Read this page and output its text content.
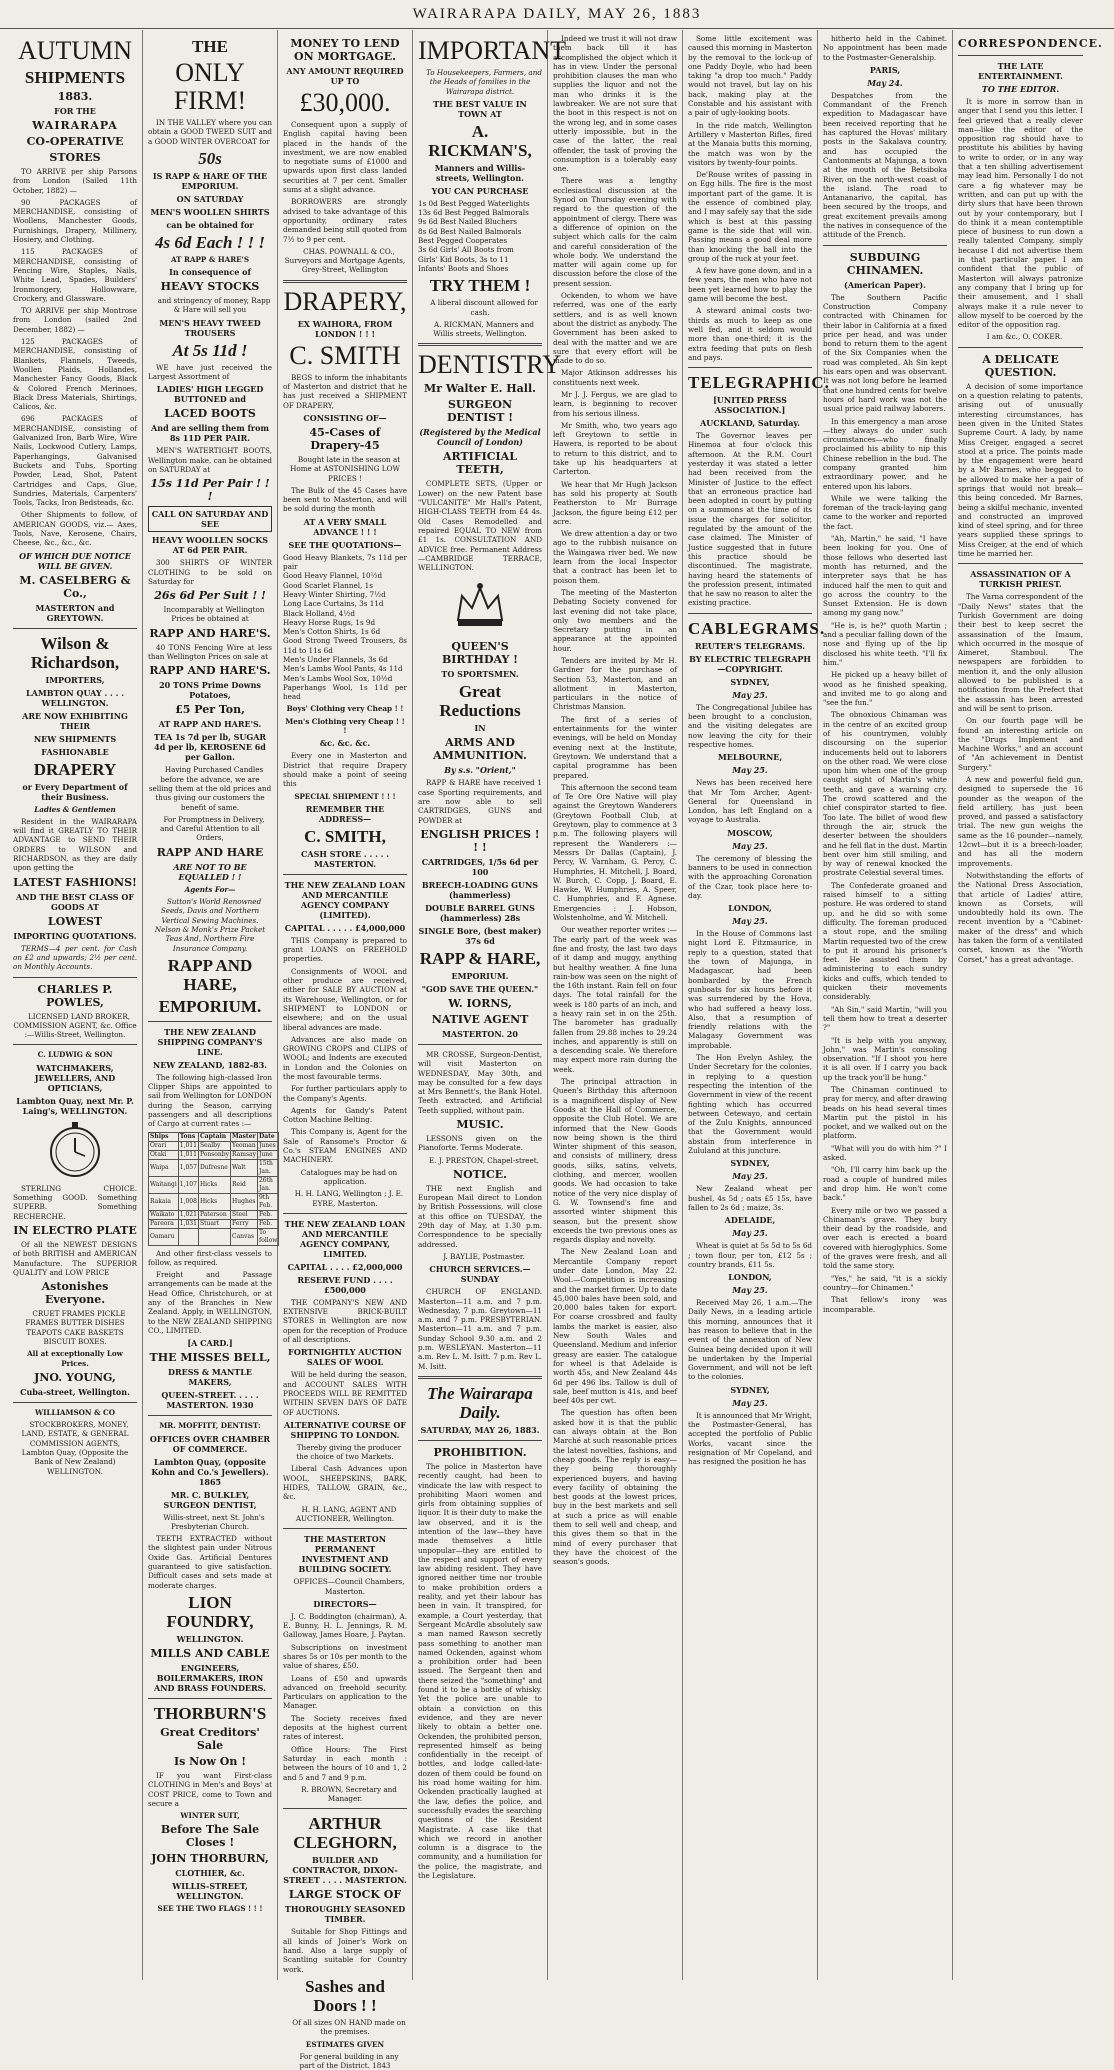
WAIRARAPA DAILY, MAY 26, 1883
AUTUMN
SHIPMENTS
1883.
FOR THE
WAIRARAPA
CO-OPERATIVE
STORES

TO ARRIVE per ship Parsons from London (Sailed 11th October, 1882) —

90 PACKAGES of MERCHANDISE, consisting of Woollens, Manchester Goods, Furnishings, Drapery, Millinery, Hosiery, and Clothing.

115 PACKAGES of MERCHANDISE, consisting of Fencing Wire, Staples, Nails, White Lead, Spades, Builders' Ironmongery, Hollowware, Crockery, and Glassware.

TO ARRIVE per ship Montrose from London (sailed 2nd December, 1882) —

125 PACKAGES of MERCHANDISE, consisting of Blankets, Flannels, Tweeds, Woollen Plaids, Hollandes, Manchester Fancy Goods, Black & Colored French Merinoes, Black Dress Materials, Shirtings, Calicos, &c.

696 PACKAGES of MERCHANDISE, consisting of Galvanized Iron, Barb Wire, Wire Nails, Lockwood Cutlery, Lamps, Paperhangings, Galvanised Buckets and Tubs, Sporting Powder, Lead, Shot, Patent Cartridges and Caps, Glue, Sundries, Materials, Carpenters' Tools, Tacks, Iron Bedsteads, &c.

Other Shipments to follow, of AMERICAN GOODS, viz.— Axes, Tools, Nave, Kerosene, Chairs, Cheese, &c., &c., &c.

OF WHICH DUE NOTICE WILL BE GIVEN.
M. CASELBERG & Co.,
MASTERTON and GREYTOWN.
Wilson & Richardson,
IMPORTERS,
LAMBTON QUAY . . . . WELLINGTON.
ARE NOW EXHIBITING THEIR
NEW SHIPMENTS
FASHIONABLE
DRAPERY
or Every Department of their Business.
Ladies & Gentlemen

Resident in the WAIRARAPA will find it GREATLY TO THEIR ADVANTAGE to SEND THEIR ORDERS to WILSON and RICHARDSON, as they are daily upon getting the

LATEST FASHIONS!
AND THE BEST CLASS OF GOODS AT
LOWEST
IMPORTING QUOTATIONS.

TERMS—4 per cent. for Cash on £2 and upwards; 2½ per cent. on Monthly Accounts.

CHARLES P. POWLES,

LICENSED LAND BROKER, COMMISSION AGENT, &c. Office :—Willis-Street, Wellington.

C. LUDWIG & SON
WATCHMAKERS, JEWELLERS, AND OPTICIANS,
Lambton Quay, next Mr. P. Laing's, WELLINGTON.

STERLING CHOICE. Something GOOD. Something SUPERB. Something RECHERCHE.

IN ELECTRO PLATE

Of all the NEWEST DESIGNS of both BRITISH and AMERICAN Manufacture. The SUPERIOR QUALITY and LOW PRICE

Astonishes Everyone.

CRUET FRAMES PICKLE FRAMES BUTTER DISHES TEAPOTS CAKE BASKETS BISCUIT BOXES.

All at exceptionally Low Prices.
JNO. YOUNG,
Cuba-street, Wellington.
WILLIAMSON & CO

STOCKBROKERS, MONEY, LAND, ESTATE, & GENERAL COMMISSION AGENTS, Lambton Quay, (Opposite the Bank of New Zealand) WELLINGTON.

THE
ONLY FIRM!

IN THE VALLEY where you can obtain a GOOD TWEED SUIT and a GOOD WINTER OVERCOAT for

50s
IS RAPP & HARE OF THE EMPORIUM.
ON SATURDAY
MEN'S WOOLLEN SHIRTS
can be obtained for
4s 6d Each ! ! !
AT RAPP & HARE'S
In consequence of
HEAVY STOCKS

and stringency of money, Rapp & Hare will sell you

MEN'S HEAVY TWEED TROUSERS
At 5s 11d !

WE have just received the Largest Assortment of

LADIES' HIGH LEGGED BUTTONED and
LACED BOOTS
And are selling them from 8s 11D PER PAIR.

MEN'S WATERTIGHT BOOTS, Wellington make, can be obtained on SATURDAY at

15s 11d Per Pair ! ! !
CALL ON SATURDAY AND SEE
HEAVY WOOLLEN SOCKS AT 6d PER PAIR.

300 SHIRTS OF WINTER CLOTHING to be sold on Saturday for

26s 6d Per Suit ! !

Incomparably at Wellington Prices be obtained at

RAPP AND HARE'S.

40 TONS Fencing Wire at less than Wellington Prices on sale at

RAPP AND HARE'S.
20 TONS Prime Downs Potatoes,
£5 Per Ton,
AT RAPP AND HARE'S.
TEA 1s 7d per lb, SUGAR 4d per lb, KEROSENE 6d per Gallon.

Having Purchased Candles before the advance, we are selling them at the old prices and thus giving our customers the benefit of same.

For Promptness in Delivery, and Careful Attention to all Orders,

RAPP AND HARE
ARE NOT TO BE EQUALLED ! !
Agents For—

Sutton's World Renowned Seeds, Davis and Northern Vertical Sewing Machines. Nelson & Monk's Prize Packet Teas And, Northern Fire Insurance Company.

RAPP AND HARE,
EMPORIUM.
THE NEW ZEALAND SHIPPING COMPANY'S LINE.
NEW ZEALAND, 1882-83.

The following high-classed Iron Clipper Ships are appointed to sail from Wellington for LONDON during the Season, carrying passengers and all descriptions of Cargo at current rates :—

Ships	Tons	Captain	Master	Date
Orari	1,011	Sealby	Yeoman	Junes
Otaki	1,011	Ponsonby	Ramsay	June
Waipa	1,057	Dufresne	Walt	15th Jan.
Waitangi	1,107	Hicks	Reid	26th Jan.
Rakaia	1,008	Hicks	Hughes	9th Feb.
Waikato	1,021	Paterson	Steel	Feb.
Pareora	1,031	Stuart	Ferry	Feb.
Oamaru			Canvas	To follow

And other first-class vessels to follow, as required.

Freight and Passage arrangements can be made at the Head Office, Christchurch, or at any of the Branches in New Zealand. Apply, in WELLINGTON, to the NEW ZEALAND SHIPPING CO., LIMITED.

[A CARD.]
THE MISSES BELL,
DRESS & MANTLE MAKERS,
QUEEN-STREET. . . . . MASTERTON. 1930
MR. MOFFITT, DENTIST:
OFFICES OVER CHAMBER OF COMMERCE.
Lambton Quay, (opposite Kohn and Co.'s Jewellers). 1865
MR. C. BULKLEY, SURGEON DENTIST,

Willis-street, next St. John's Presbyterian Church.

TEETH EXTRACTED without the slightest pain under Nitrous Oxide Gas. Artificial Dentures guaranteed to give satisfaction. Difficult cases and sets made at moderate charges.

LION FOUNDRY,
WELLINGTON.
MILLS AND CABLE
ENGINEERS, BOILERMAKERS, IRON AND BRASS FOUNDERS.
THORBURN'S
Great Creditors' Sale
Is Now On !

IF you want First-class CLOTHING in Men's and Boys' at COST PRICE, come to Town and secure a

WINTER SUIT,
Before The Sale Closes !
JOHN THORBURN,
CLOTHIER, &c.
WILLIS-STREET, WELLINGTON.
SEE THE TWO FLAGS ! ! !
MONEY TO LEND ON MORTGAGE.
ANY AMOUNT REQUIRED UP TO
£30,000.

Consequent upon a supply of English capital having been placed in the hands of the investment, we are now enabled to negotiate sums of £1000 and upwards upon first class landed securities at 7 per cent. Smaller sums at a slight advance.

BORROWERS are strongly advised to take advantage of this opportunity, ordinary rates demanded being still quoted from 7½ to 9 per cent.

CHAS. POWNALL & CO., Surveyors and Mortgage Agents, Grey-Street, Wellington

DRAPERY,
EX WAIHORA, FROM LONDON ! ! !
C. SMITH

BEGS to inform the inhabitants of Masterton and district that he has just received a SHIPMENT OF DRAPERY,

CONSISTING OF—
45-Cases of Drapery-45

Bought late in the season at Home at ASTONISHING LOW PRICES !

The Bulk of the 45 Cases have been sent to Masterton, and will be sold during the month

AT A VERY SMALL ADVANCE ! ! !
SEE THE QUOTATIONS—
Good Heavy Blankets, 7s 11d per pair
Good Heavy Flannel, 10½d
Good Scarlet Flannel, 1s
Heavy Winter Shirting, 7½d
Long Lace Curtains, 3s 11d
Black Holland, 4½d
Heavy Horse Rugs, 1s 9d
Men's Cotton Shirts, 1s 6d
Good Strong Tweed Trousers, 8s 11d to 11s 6d
Men's Under Flannels, 3s 6d
Men's Lambs Wool Pants, 4s 11d
Men's Lambs Wool Sox, 10½d
Paperhangs Wool, 1s 11d per head
Boys' Clothing very Cheap ! !
Men's Clothing very Cheap ! ! !
&c. &c. &c.

Every one in Masterton and District that require Drapery should make a point of seeing this

SPECIAL SHIPMENT ! ! !
REMEMBER THE ADDRESS—
C. SMITH,
CASH STORE . . . . . MASTERTON.
THE NEW ZEALAND LOAN AND MERCANTILE AGENCY COMPANY (LIMITED).
CAPITAL . . . . . £4,000,000

THIS Company is prepared to grant LOANS on FREEHOLD properties.

Consignments of WOOL and other produce are received, either for SALE BY AUCTION at its Warehouse, Wellington, or for SHIPMENT to LONDON or elsewhere; and on the usual liberal advances are made.

Advances are also made on GROWING CROPS and CLIPS of WOOL; and Indents are executed in London and the Colonies on the most favourable terms.

For further particulars apply to the Company's Agents.

Agents for Gandy's Patent Cotton Machine Belting.

This Company is, Agent for the Sale of Ransome's Proctor & Co.'s STEAM ENGINES AND MACHINERY.

Catalogues may be had on application.

H. H. LANG, Wellington ; J. E. EYRE, Masterton.

THE NEW ZEALAND LOAN AND MERCANTILE AGENCY COMPANY, LIMITED.
CAPITAL . . . . £2,000,000
RESERVE FUND . . . . £500,000

THE COMPANY'S NEW AND EXTENSIVE BRICK-BUILT STORES in Wellington are now open for the reception of Produce of all descriptions.

FORTNIGHTLY AUCTION SALES OF WOOL

Will be held during the season, and ACCOUNT SALES WITH PROCEEDS WILL BE REMITTED WITHIN SEVEN DAYS OF DATE OF AUCTIONS.

ALTERNATIVE COURSE OF SHIPPING TO LONDON.

Thereby giving the producer the choice of two Markets.

Liberal Cash Advances upon WOOL, SHEEPSKINS, BARK, HIDES, TALLOW, GRAIN, &c., &c.

H. H. LANG, AGENT AND AUCTIONEER, Wellington.

THE MASTERTON PERMANENT INVESTMENT AND BUILDING SOCIETY.

OFFICES—Council Chambers, Masterton.

DIRECTORS—

J. C. Boddington (chairman), A. E. Bunny, H. L. Jennings, R. M. Galloway, James Hoare, J. Paytan.

Subscriptions on investment shares 5s or 10s per month to the value of shares, £50.

Loans of £50 and upwards advanced on freehold security. Particulars on application to the Manager.

The Society receives fixed deposits at the highest current rates of interest.

Office Hours: The First Saturday in each month : between the hours of 10 and 1, 2 and 5 and 7 and 9 p.m.

R. BROWN, Secretary and Manager.

ARTHUR CLEGHORN,
BUILDER AND CONTRACTOR, DIXON-STREET . . . . MASTERTON.
LARGE STOCK OF
THOROUGHLY SEASONED TIMBER.

Suitable for Shop Fittings and all kinds of Joiner's Work on hand. Also a large supply of Scantling suitable for Country work.

Sashes and Doors ! !

Of all sizes ON HAND made on the premises.

ESTIMATES GIVEN

For general building in any part of the District. 1843

IMPORTANT

To Housekeepers, Farmers, and the Heads of families in the Wairarapa district.

THE BEST VALUE IN TOWN AT
A. RICKMAN'S,
Manners and Willis-streets, Wellington.
YOU CAN PURCHASE
1s 0d Best Pegged Waterlights
13s 6d Best Pegged Balmorals
9s 6d Best Nailed Bluchers
8s 6d Best Nailed Balmorals
Best Pegged Cooperates
3s 6d Girls' All Boots from
Girls' Kid Boots, 3s to 11
Infants' Boots and Shoes
TRY THEM !

A liberal discount allowed for cash.

A. RICKMAN, Manners and Willis streets, Wellington.

DENTISTRY
Mr Walter E. Hall.
SURGEON DENTIST !
(Registered by the Medical Council of London)
ARTIFICIAL TEETH,

COMPLETE SETS, (Upper or Lower) on the new Patent base "VULCANITE" Mr Hall's Patent, HIGH-CLASS TEETH from £4 4s. Old Cases Remodelled and repaired EQUAL TO NEW from £1 1s. CONSULTATION AND ADVICE free. Permanent Address—CAMBRIDGE TERRACE, WELLINGTON.

QUEEN'S BIRTHDAY !
TO SPORTSMEN.
Great Reductions
IN
ARMS AND AMMUNITION.
By s.s. "Orient,"

RAPP & HARE have received 1 case Sporting requirements, and are now able to sell CARTRIDGES, GUNS and POWDER at

ENGLISH PRICES ! ! !
CARTRIDGES, 1/5s 6d per 100
BREECH-LOADING GUNS (hammerless)
DOUBLE BARREL GUNS (hammerless) 28s
SINGLE Bore, (best maker) 37s 6d
RAPP & HARE,
EMPORIUM.
"GOD SAVE THE QUEEN."
W. IORNS,
NATIVE AGENT
MASTERTON. 20

MR CROSSE, Surgeon-Dentist, will visit Masterton on WEDNESDAY, May 30th, and may be consulted for a few days at Mrs Bennett's, the Bank Hotel. Teeth extracted, and Artificial Teeth supplied, without pain.

MUSIC.

LESSONS given on the Pianoforte. Terms Moderate.

E. J. PRESTON, Chapel-street.

NOTICE.

THE next English and European Mail direct to London by British Possessions, will close at this office on TUESDAY, the 29th day of May, at 1.30 p.m. Correspondence to be specially addressed.

J. BAYLIE, Postmaster.

CHURCH SERVICES.—SUNDAY

CHURCH OF ENGLAND. Masterton—11 a.m. and 7 p.m. Wednesday, 7 p.m. Greytown—11 a.m. and 7 p.m. PRESBYTERIAN. Masterton—11 a.m. and 7 p.m. Sunday School 9.30 a.m. and 2 p.m. WESLEYAN. Masterton—11 a.m. Rev L. M. Isitt. 7 p.m. Rev L. M. Isitt.

The Wairarapa Daily.
SATURDAY, MAY 26, 1883.
PROHIBITION.

The police in Masterton have recently caught, had been to vindicate the law with respect to prohibiting Maori women and girls from obtaining supplies of liquor. It is their duty to make the law observed, and it is the intention of the law—they have made themselves a little unpopular—they are entitled to the respect and support of every law abiding resident. They have ignored neither time nor trouble to make prohibition orders a reality, and yet their labour has been in vain. It transpired, for example, a Court yesterday, that Sergeant McArdle absolutely saw a man named Rawson secretly pass something to another man named Ockenden, against whom a prohibition order had been issued. The Sergeant then and there seized the "something" and found it to be a bottle of whisky. Yet the police are unable to obtain a conviction on this evidence, and they are never likely to obtain a better one. Ockenden, the prohibited person, represented himself as being confidentially in the receipt of bottles, and lodge called-late-dozen of them could be found on his road home waiting for him. Ockenden practically laughed at the law, defies the police, and successfully evades the searching questions of the Resident Magistrate. A case like that which we record in another column is a disgrace to the community, and a humiliation for the police, the magistrate, and the Legislature.

Indeed we trust it will not draw them back till it has accomplished the object which it has in view. Under the personal prohibition clauses the man who supplies the liquor and not the man who drinks it is the lawbreaker. We are not sure that the boot in this respect is not on the wrong leg, and in some cases utterly impossible, but in the case of the latter, the real offender, the task of proving the consumption is a tolerably easy one.

There was a lengthy ecclesiastical discussion at the Synod on Thursday evening with regard to the question of the appointment of clergy. There was a difference of opinion on the subject which calls for the calm and careful consideration of the whole body. We understand the matter will again come up for discussion before the close of the present session.

Ockenden, to whom we have referred, was one of the early settlers, and is as well known about the district as anybody. The Government has been asked to deal with the matter and we are sure that every effort will be made to do so.

Major Atkinson addresses his constituents next week.

Mr J. J. Fergus, we are glad to learn, is beginning to recover from his serious illness.

Mr Smith, who, two years ago left Greytown to settle in Hawera, is reported to be about to return to this district, and to take up his headquarters at Carterton.

We hear that Mr Hugh Jackson has sold his property at South Featherston to Mr Burrage Jackson, the figure being £12 per acre.

We drew attention a day or two ago to the rubbish nuisance on the Waingawa river bed. We now learn from the local Inspector that a contract has been let to poison them.

The meeting of the Masterton Debating Society convened for last evening did not take place, only two members and the Secretary putting in an appearance at the appointed hour.

Tenders are invited by Mr H. Gardner for the purchase of Section 53, Masterton, and an allotment in Masterton, particulars in the notice of Christmas Mansion.

The first of a series of entertainments for the winter evenings, will be held on Monday evening next at the Institute, Greytown. We understand that a capital programme has been prepared.

This afternoon the second team of Te Ore Ore Native will play against the Greytown Wanderers (Greytown Football Club, at Greytown, play to commence at 3 p.m. The following players will represent the Wanderers :—Messrs Dr Dallas (Captain), J. Percy, W. Varnham, G. Percy, C. Humphries, H. Mitchell, J. Board, W. Burch, C. Copp, J. Board, E. Hawke, W. Humphries, A. Speer, C. Humphries, and F. Agnese. Emergencies : J. Hobson, Wolstenholme, and W. Mitchell.

Our weather reporter writes :—The early part of the week was fine and frosty, the last two days of it damp and muggy, anything but healthy weather. A fine luna rain-bow was seen on the night of the 16th instant. Rain fell on four days. The total rainfall for the week is 180 parts of an inch, and a heavy rain set in on the 25th. The barometer has gradually fallen from 29.88 inches to 29.24 inches, and apparently is still on a descending scale. We therefore may expect more rain during the week.

The principal attraction in Queen's Birthday this afternoon is a magnificent display of New Goods at the Hall of Commerce, opposite the Club Hotel. We are informed that the New Goods now being shown is the third Winter shipment of this season, and consists of millinery, dress goods, silks, satins, velvets, clothing, and mercer, woollen goods. We had occasion to take notice of the very nice display of G. W. Townsend's fine and assorted winter shipment this season, but the present show exceeds the two previous ones as regards display and novelty.

The New Zealand Loan and Mercantile Company report under date London, May 22. Wool.—Competition is increasing and the market firmer. Up to date 45,000 bales have been sold, and 20,000 bales taken for export. For coarse crossbred and faulty lambs the market is easier, also New South Wales and Queensland. Medium and inferior greasy are easier. The catalogue for wheel is that Adelaide is worth 45s, and New Zealand 44s 6d per 496 lbs. Tallow is dull of sale, beef mutton is 41s, and beef beef 40s per cwt.

The question has often been asked how it is that the public can always obtain at the Bon Marché at such reasonable prices the latest novelties, fashions, and cheap goods. The reply is easy—they being thoroughly experienced buyers, and having every facility of obtaining the best goods at the lowest prices, buy in the best markets and sell at such a price as will enable them to sell well and cheap, and this gives them so that in the mind of every purchaser that they have the choicest of the season's goods.

Some little excitement was caused this morning in Masterton by the removal to the lock-up of one Paddy Doyle, who had been taking "a drop too much." Paddy would not travel, but lay on his back, making play at the Constable and his assistant with a pair of ugly-looking boots.

In the ride match, Wellington Artillery v Masterton Rifles, fired at the Manaia butts this morning, the match was won by the visitors by twenty-four points.

De'Rouse writes of passing in on Egg hills. The fire is the most important part of the game. It is the essence of combined play, and I may safely say that the side which is best at this passing game is the side that will win. Passing means a good deal more than knocking the ball into the group of the ruck at your feet.

A few have gone down, and in a few years, the men who have not been yet learned how to play the game will become the best.

A steward animal costs two-thirds as much to keep as one well fed, and it seldom would more than one-third; it is the extra feeding that puts on flesh and pays.

TELEGRAPHIC.
[UNITED PRESS ASSOCIATION.]
AUCKLAND, Saturday.

The Governor leaves per Hinemoa at four o'clock this afternoon. At the R.M. Court yesterday it was stated a letter had been received from the Minister of Justice to the effect that an erroneous practice had been adopted in court by putting on a summons at the time of its issue the charges for solicitor, regulated by the amount of the case claimed. The Minister of Justice suggested that in future this practice should be discontinued. The magistrate, having heard the statements of the profession present, intimated that he saw no reason to alter the existing practice.

CABLEGRAMS.
REUTER'S TELEGRAMS.
BY ELECTRIC TELEGRAPH—COPYRIGHT.
SYDNEY,
May 25.

The Congregational Jubilee has been brought to a conclusion, and the visiting delegates are now leaving the city for their respective homes.

MELBOURNE,
May 25.

News has been received here that Mr Tom Archer, Agent-General for Queensland in London, has left England on a voyage to Australia.

MOSCOW,
May 25.

The ceremony of blessing the banners to be used in connection with the approaching Coronation of the Czar, took place here to-day.

LONDON,
May 25.

In the House of Commons last night Lord E. Fitzmaurice, in reply to a question, stated that the town of Majunga, in Madagascar, had been bombarded by the French gunboats for six hours before it was surrendered by the Hova, who had suffered a heavy loss. Also, that a resumption of friendly relations with the Malagasy Government was improbable.

The Hon Evelyn Ashley, the Under Secretary for the colonies, in replying to a question respecting the intention of the Government in view of the recent fighting which has occurred between Cetewayo, and certain of the Zulu Knights, announced that the Government would abstain from interference in Zululand at this juncture.

SYDNEY,
May 25.

New Zealand wheat per bushel, 4s 5d ; oats £5 15s, have fallen to 2s 6d ; maize, 3s.

ADELAIDE,
May 25.

Wheat is quiet at 5s 5d to 5s 6d ; town flour, per ton, £12 5s ; country brands, £11 5s.

LONDON,
May 25.

Received May 26, 1 a.m.—The Daily News, in a leading article this morning, announces that it has reason to believe that in the event of the annexation of New Guinea being decided upon it will be undertaken by the Imperial Government, and will not be left to the colonies.

SYDNEY,
May 25.

It is announced that Mr Wright, the Postmaster-General, has accepted the portfolio of Public Works, vacant since the resignation of Mr Copeland, and has resigned the position he has

hitherto held in the Cabinet. No appointment has been made to the Postmaster-Generalship.

PARIS,
May 24.

Despatches from the Commandant of the French expedition to Madagascar have been received reporting that he has captured the Hovas' military posts in the Sakalava country, and has occupied the Cantonments at Majunga, a town at the mouth of the Betsiboka River, on the north-west coast of the island. The road to Antananarivo, the capital, has been secured by the troops, and great excitement prevails among the natives in consequence of the attitude of the French.

SUBDUING CHINAMEN.
(American Paper).

The Southern Pacific Construction Company contracted with Chinamen for their labor in California at a fixed price per head, and was under bond to return them to the agent of the Six Companies when the road was completed. Ah Sin kept his ears open and was observant. It was not long before he learned that one hundred cents for twelve hours of hard work was not the usual price paid railway laborers.

In this emergency a man arose—they always do under such circumstances—who finally proclaimed his ability to nip this Chinese rebellion in the bud. The company granted him extraordinary power, and he entered upon his labors.

While we were talking the foreman of the track-laying gang came to the worker and reported the fact.

"Ah, Martin," he said, "I have been looking for you. One of those fellows who deserted last month has returned, and the interpreter says that he has induced half the men to quit and go across the country to the Sunset Extension. He is down among my gang now."

"He is, is he?" quoth Martin ; and a peculiar falling down of the nose and flying up of the lip disclosed his white teeth. "I'll fix him."

He picked up a heavy billet of wood as he finished speaking, and invited me to go along and "see the fun."

The obnoxious Chinaman was in the centre of an excited group of his countrymen, volubly discoursing on the superior inducements held out to laborers on the other road. We were close upon him when one of the group caught sight of Martin's white teeth, and gave a warning cry. The crowd scattered and the chief conspirator started to flee. Too late. The billet of wood flew through the air, struck the deserter between the shoulders and he fell flat in the dust. Martin bent over him still smiling, and by way of renewal knocked the prostrate Celestial several times.

The Confederate groaned and raised himself to a sitting posture. He was ordered to stand up, and he did so with some difficulty. The foreman produced a stout rope, and the smiling Martin requested two of the crew to put it around his prisoner's feet. He assisted them by administering to each sundry kicks and cuffs, which tended to quicken their movements considerably.

"Ah Sin," said Martin, "will you tell them how to treat a deserter ?"

"It is help with you anyway, John," was Martin's consoling observation. "If I shoot you here it is all over. If I carry you back up the track you'll be hung."

The Chinaman continued to pray for mercy, and after drawing beads on his head several times Martin put the pistol in his pocket, and we walked out on the platform.

"What will you do with him ?" I asked.

"Oh, I'll carry him back up the road a couple of hundred miles and drop him. He won't come back."

Every mile or two we passed a Chinaman's grave. They bury their dead by the roadside, and over each is erected a board covered with hieroglyphics. Some of the graves were fresh, and all told the same story.

"Yes," he said, "it is a sickly country—for Chinamen."

That fellow's irony was incomparable.

CORRESPONDENCE.
THE LATE ENTERTAINMENT.
TO THE EDITOR.

It is more in sorrow than in anger that I send you this letter. I feel grieved that a really clever man—like the editor of the opposition rag should have to prostitute his abilities by having to write to order, or in any way that a ten shilling advertisement may lead him. Personally I do not care a fig whatever may be written, and can put up with the dirty slurs that have been thrown out by your contemporary, but I do think it a mean contemptible piece of business to run down a really talented Company, simply because I did not advertise them in that particular paper. I am confident that the public of Masterton will always patronize any company that I bring up for their amusement, and I shall always make it a rule never to allow myself to be coerced by the editor of the opposition rag.

I am &c., O. COKER.

A DELICATE QUESTION.

A decision of some importance on a question relating to patents, arising out of unusually interesting circumstances, has been given in the United States Supreme Court. A lady, by name Miss Creiger, engaged a secret stool at a price. The points made by the engagement were heard by a Mr Barnes, who begged to be allowed to make her a pair of springs that would not break—this being conceded. Mr Barnes, being a skilful mechanic, invented and constructed an improved kind of steel spring, and for three years supplied these springs to Miss Creiger, at the end of which time he married her.

ASSASSINATION OF A TURKISH PRIEST.

The Varna correspondent of the "Daily News" states that the Turkish Government are doing their best to keep secret the assassination of the Imaum, which occurred in the mosque of Aimeret, Stamboul. The newspapers are forbidden to mention it, and the only allusion allowed to be published is a notification from the Prefect that the assassin has been arrested and will be sent to prison.

On our fourth page will be found an interesting article on the "Drugs Implement and Machine Works," and an account of "An achievement in Dentist Surgery."

A new and powerful field gun, designed to supersede the 16 pounder as the weapon of the field artillery, has just been proved, and passed a satisfactory trial. The new gun weighs the same as the 16 pounder—namely, 12cwt—but it is a breech-loader, and has all the modern improvements.

Notwithstanding the efforts of the National Dress Association, that article of Ladies' attire, known as Corsets, will undoubtedly hold its own. The recent invention by a "Cabinet-maker of the dress" and which has taken the form of a ventilated corset, known as the "Worth Corset," has a great advantage.
